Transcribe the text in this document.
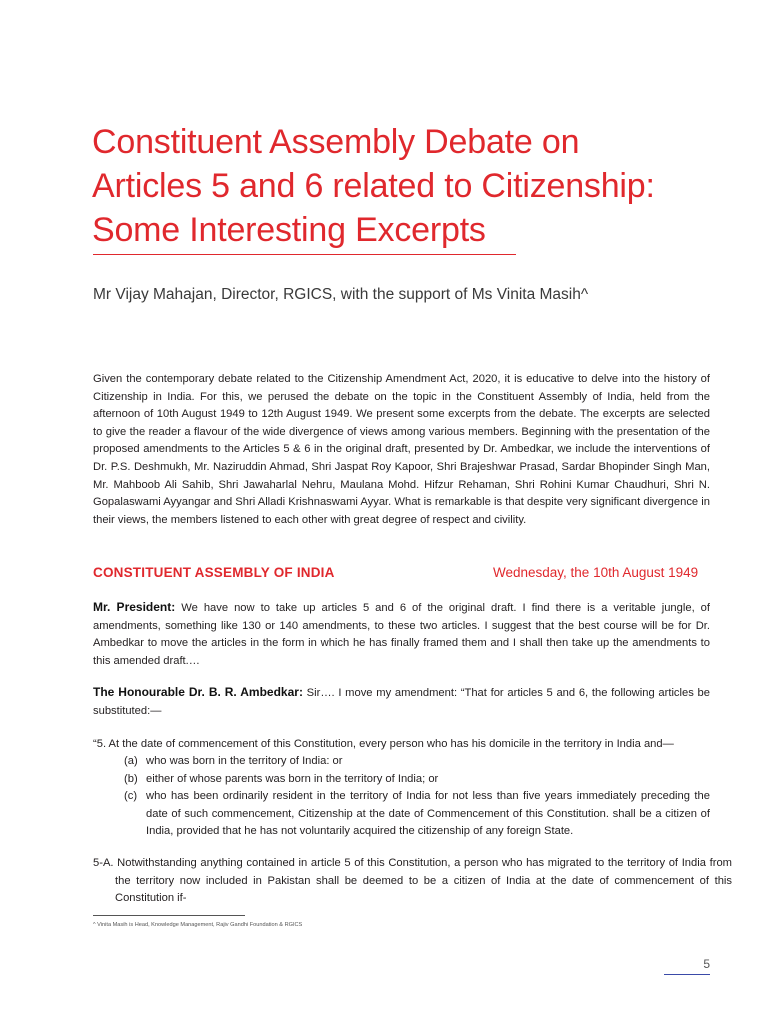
Constituent Assembly Debate on
Articles 5 and 6 related to Citizenship:
Some Interesting Excerpts
Mr Vijay Mahajan, Director, RGICS, with the support of Ms Vinita Masih^

Given the contemporary debate related to the Citizenship Amendment Act, 2020, it is educative to delve into the history of Citizenship in India. For this, we perused the debate on the topic in the Constituent Assembly of India, held from the afternoon of 10th August 1949 to 12th August 1949. We present some excerpts from the debate. The excerpts are selected to give the reader a flavour of the wide divergence of views among various members. Beginning with the presentation of the proposed amendments to the Articles 5 & 6 in the original draft, presented by Dr. Ambedkar, we include the interventions of Dr. P.S. Deshmukh, Mr. Naziruddin Ahmad, Shri Jaspat Roy Kapoor, Shri Brajeshwar Prasad, Sardar Bhopinder Singh Man, Mr. Mahboob Ali Sahib, Shri Jawaharlal Nehru, Maulana Mohd. Hifzur Rehaman, Shri Rohini Kumar Chaudhuri, Shri N. Gopalaswami Ayyangar and Shri Alladi Krishnaswami Ayyar. What is remarkable is that despite very significant divergence in their views, the members listened to each other with great degree of respect and civility.

CONSTITUENT ASSEMBLY OF INDIA	Wednesday, the 10th August 1949

Mr. President: We have now to take up articles 5 and 6 of the original draft. I find there is a veritable jungle, of amendments, something like 130 or 140 amendments, to these two articles. I suggest that the best course will be for Dr. Ambedkar to move the articles in the form in which he has finally framed them and I shall then take up the amendments to this amended draft.…

The Honourable Dr. B. R. Ambedkar: Sir…. I move my amendment: “That for articles 5 and 6, the following articles be substituted:—

“5. At the date of commencement of this Constitution, every person who has his domicile in the territory in India and—

(a) who was born in the territory of India: or
(b) either of whose parents was born in the territory of India; or
(c) who has been ordinarily resident in the territory of India for not less than five years immediately preceding the date of such commencement, Citizenship at the date of Commencement of this Constitution. shall be a citizen of India, provided that he has not voluntarily acquired the citizenship of any foreign State.

5-A. Notwithstanding anything contained in article 5 of this Constitution, a person who has migrated to the territory of India from the territory now included in Pakistan shall be deemed to be a citizen of India at the date of commencement of this Constitution if-

^ Vinita Masih is Head, Knowledge Management, Rajiv Gandhi Foundation & RGICS
5
